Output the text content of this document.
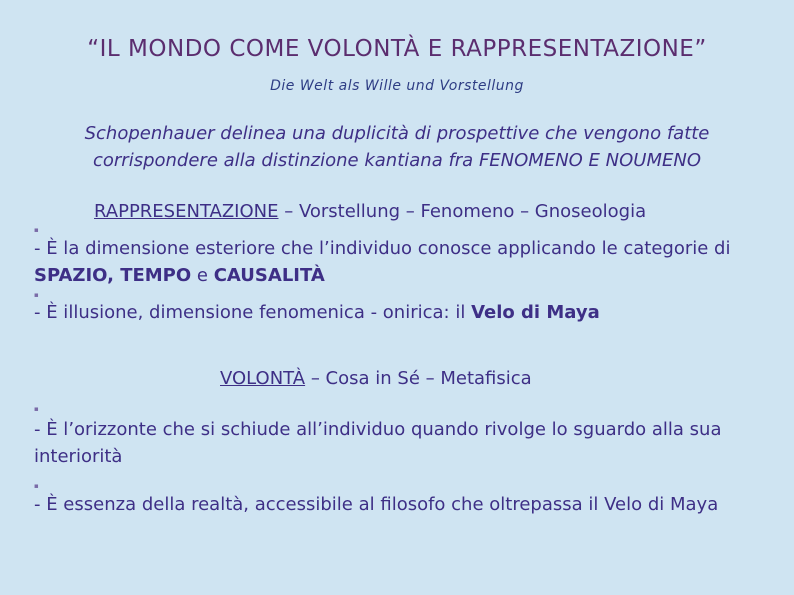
“IL MONDO COME VOLONTÀ E RAPPRESENTAZIONE”
Die Welt als Wille und Vorstellung
Schopenhauer delinea una duplicità di prospettive che vengono fatte
corrispondere alla distinzione kantiana fra FENOMENO E NOUMENO
RAPPRESENTAZIONE – Vorstellung – Fenomeno – Gnoseologia
▪
- È la dimensione esteriore che l’individuo conosce applicando le categorie di SPAZIO, TEMPO e CAUSALITÀ
▪
- È illusione, dimensione fenomenica - onirica: il Velo di Maya
VOLONTÀ – Cosa in Sé – Metafisica
▪
- È l’orizzonte che si schiude all’individuo quando rivolge lo sguardo alla sua interiorità
▪
- È essenza della realtà, accessibile al filosofo che oltrepassa il Velo di Maya
